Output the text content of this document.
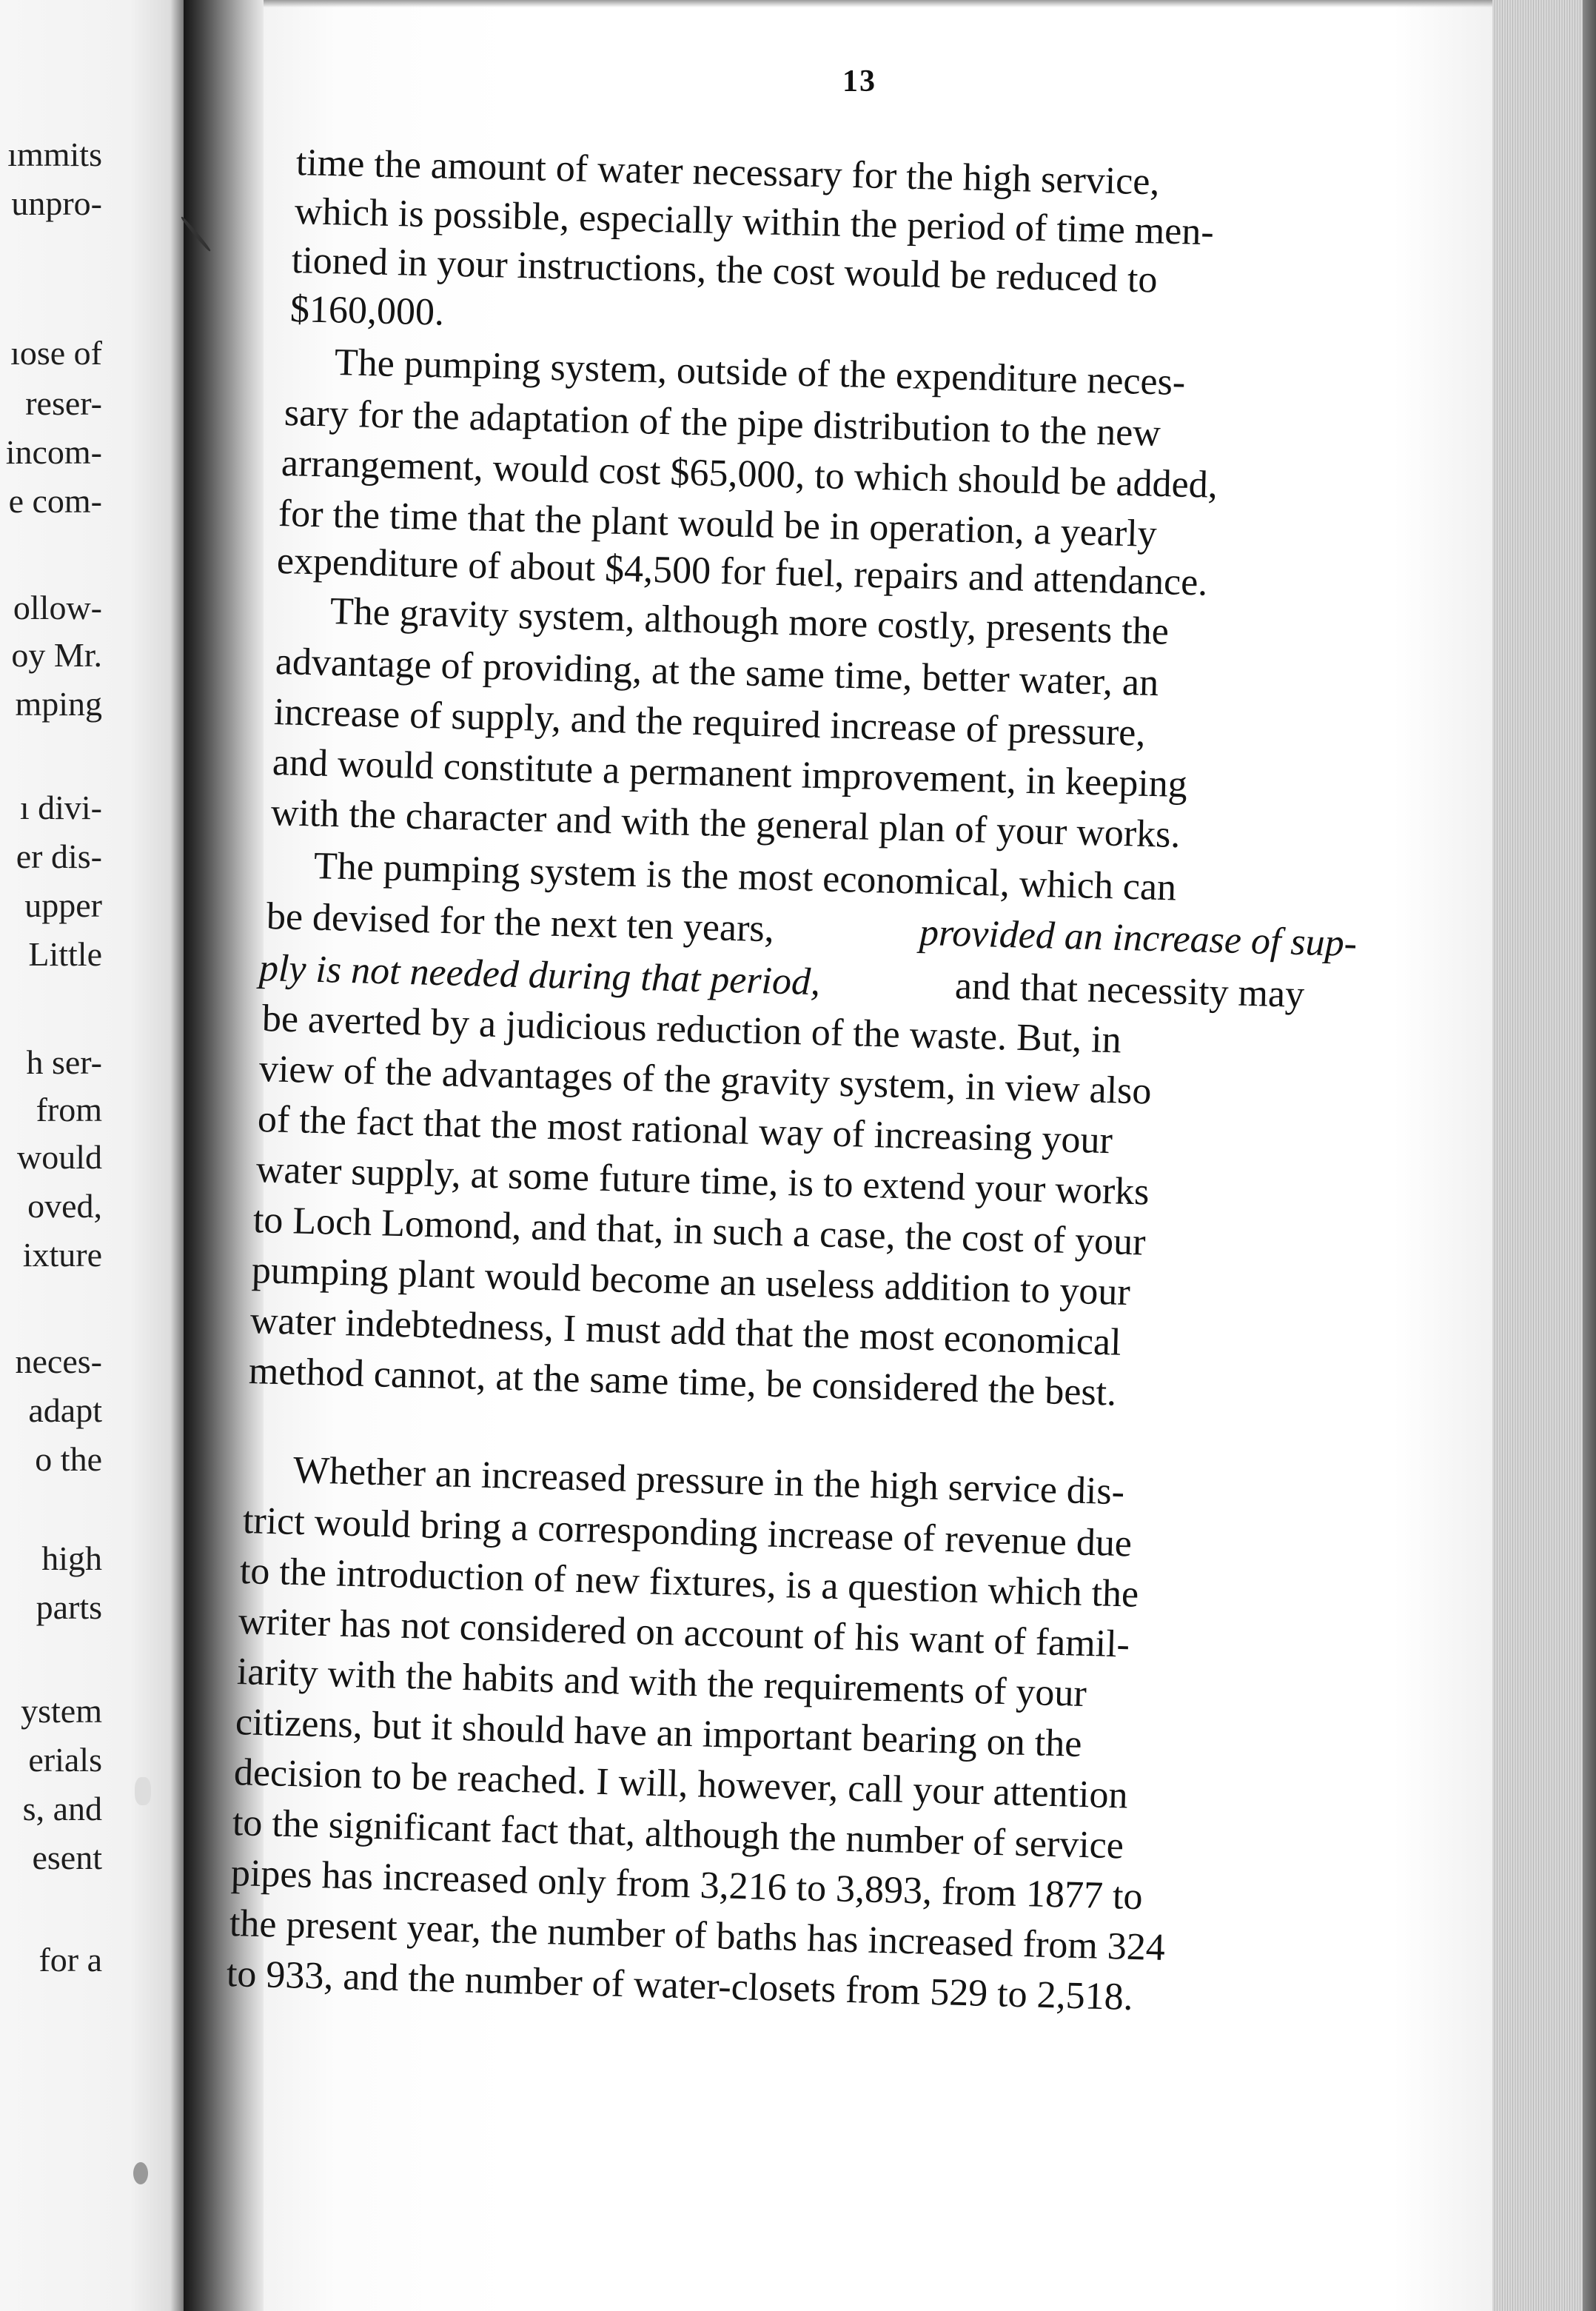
ımmits
unpro-
ıose of
reser-
incom-
e com-
ollow-
oy Mr.
mping
ı divi-
er dis-
upper
Little
h ser-
from
would
oved,
ixture
neces-
adapt
o the
high
parts
ystem
erials
s, and
esent
for a
13
time the amount of water necessary for the high service,
which is possible, especially within the period of time men-
tioned in your instructions, the cost would be reduced to
$160,000.
The pumping system, outside of the expenditure neces-
sary for the adaptation of the pipe distribution to the new
arrangement, would cost $65,000, to which should be added,
for the time that the plant would be in operation, a yearly
expenditure of about $4,500 for fuel, repairs and attendance.
The gravity system, although more costly, presents the
advantage of providing, at the same time, better water, an
increase of supply, and the required increase of pressure,
and would constitute a permanent improvement, in keeping
with the character and with the general plan of your works.
The pumping system is the most economical, which can
be devised for the next ten years,	provided an increase of sup-
ply is not needed during that period,	and that necessity may
be averted by a judicious reduction of the waste. But, in
view of the advantages of the gravity system, in view also
of the fact that the most rational way of increasing your
water supply, at some future time, is to extend your works
to Loch Lomond, and that, in such a case, the cost of your
pumping plant would become an useless addition to your
water indebtedness, I must add that the most economical
method cannot, at the same time, be considered the best.
Whether an increased pressure in the high service dis-
trict would bring a corresponding increase of revenue due
to the introduction of new fixtures, is a question which the
writer has not considered on account of his want of famil-
iarity with the habits and with the requirements of your
citizens, but it should have an important bearing on the
decision to be reached. I will, however, call your attention
to the significant fact that, although the number of service
pipes has increased only from 3,216 to 3,893, from 1877 to
the present year, the number of baths has increased from 324
to 933, and the number of water-closets from 529 to 2,518.
